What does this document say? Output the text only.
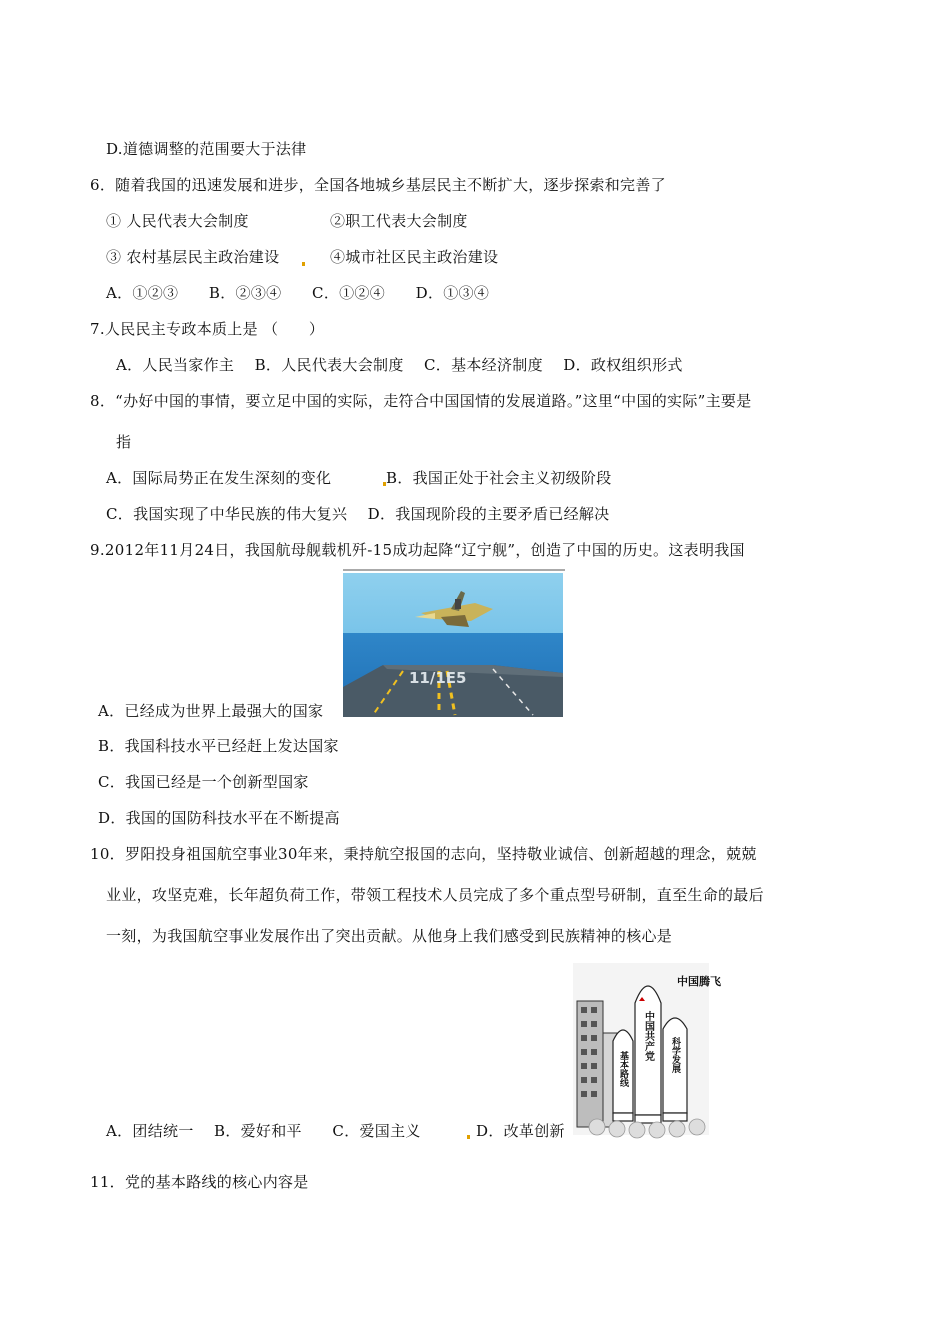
D.道德调整的范围要大于法律
6．随着我国的迅速发展和进步，全国各地城乡基层民主不断扩大，逐步探索和完善了
① 人民代表大会制度	②职工代表大会制度
③ 农村基层民主政治建设	④城市社区民主政治建设
A．①②③　　B．②③④　　C．①②④　　D．①③④
7.人民民主专政本质上是 （　　）
A．人民当家作主　 B．人民代表大会制度　 C．基本经济制度　 D．政权组织形式
8．“办好中国的事情，要立足中国的实际，走符合中国国情的发展道路。”这里“中国的实际”主要是
指
A．国际局势正在发生深刻的变化	B．我国正处于社会主义初级阶段
C．我国实现了中华民族的伟大复兴　 D．我国现阶段的主要矛盾已经解决
9.2012年11月24日，我国航母舰载机歼-15成功起降“辽宁舰”，创造了中国的历史。这表明我国
11/1E5
A．已经成为世界上最强大的国家
B．我国科技水平已经赶上发达国家
C．我国已经是一个创新型国家
D．我国的国防科技水平在不断提高
10．罗阳投身祖国航空事业30年来，秉持航空报国的志向，坚持敬业诚信、创新超越的理念，兢兢
业业，攻坚克难，长年超负荷工作，带领工程技术人员完成了多个重点型号研制，直至生命的最后
一刻，为我国航空事业发展作出了突出贡献。从他身上我们感受到民族精神的核心是
中国腾飞
基本路线
中国共产党 科学发展
A．团结统一　 B．爱好和平　　C．爱国主义	D．改革创新
11．党的基本路线的核心内容是
